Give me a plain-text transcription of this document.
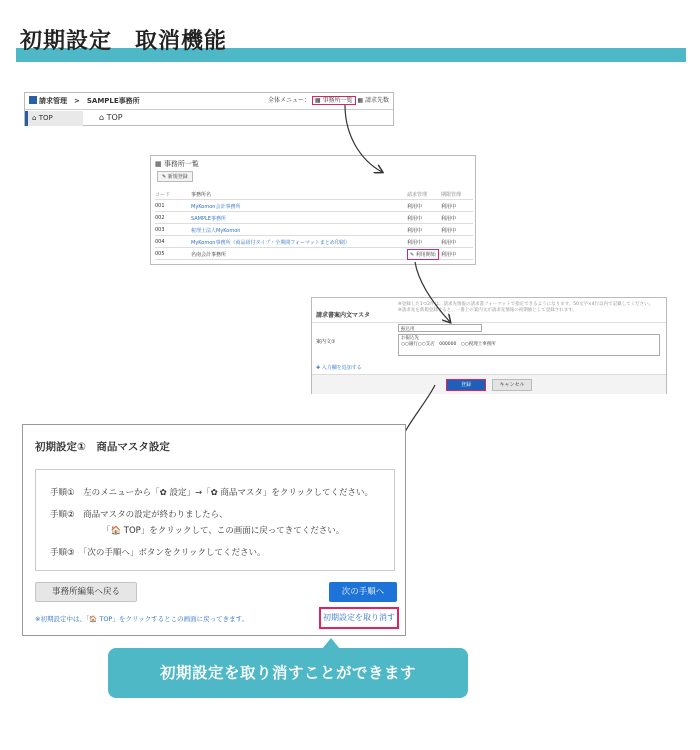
初期設定　取消機能
請求管理　>　SAMPLE事務所	全体メニュー： ▦ 事務所一覧 ▦ 請求先数
⌂ TOP	⌂ TOP
▦ 事務所一覧
✎ 新規登録
コード	事務所名	請求管理	期限管理
001	MyKomon会計事務所	利用中	利用中
002	SAMPLE事務所	利用中	利用中
003	税理士法人MyKomon	利用中	利用中
004	MyKomon事務所（商品紐付タイプ・全期間フォーマットまとめ印刷）	利用中	利用中
005	名南会計事務所	✎ 利用開始	利用中
請求書案内文マスタ
※登録した1つ2件は、請求先情報の請求書フォーマットで指定できるようになります。50文字×4行以内で記載してください。
※請求先を新規登録すると、一番上の案内文が請求先情報の初期値として登録されます。
振込用
案内文①
お振込先
○○銀行○○支店　000000　○○税理士事務所
✚ 入力欄を追加する
登録	キャンセル
初期設定①　商品マスタ設定
手順①　左のメニューから「✿ 設定」→「✿ 商品マスタ」をクリックしてください。
手順②　商品マスタの設定が終わりましたら、
「🏠 TOP」をクリックして、この画面に戻ってきてください。
手順③　「次の手順へ」ボタンをクリックしてください。
事務所編集へ戻る	次の手順へ
※初期設定中は、「🏠 TOP」をクリックするとこの画面に戻ってきます。	初期設定を取り消す
初期設定を取り消すことができます
